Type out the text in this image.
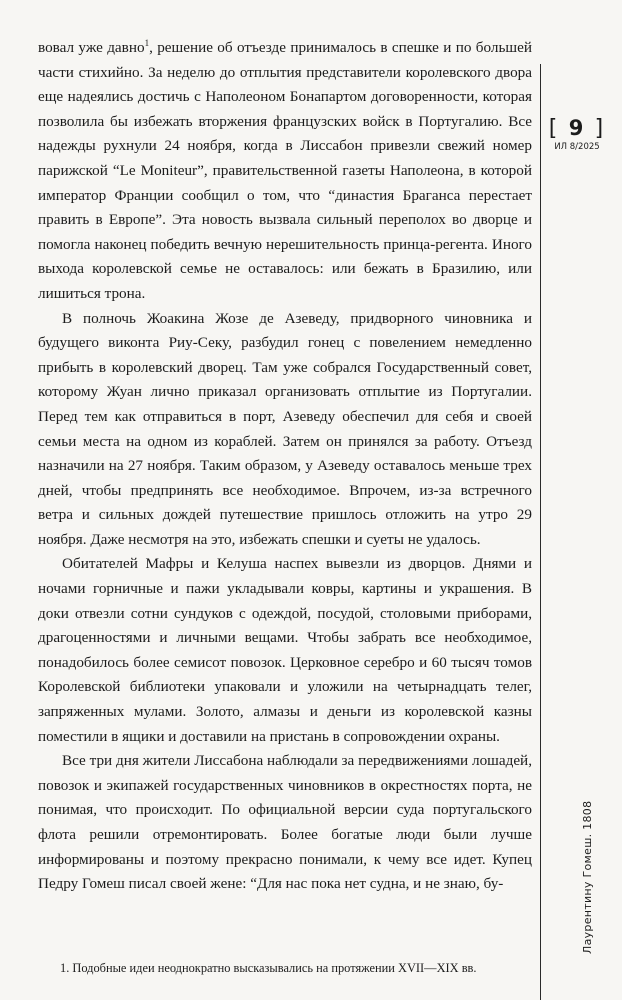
вовал уже давно$^1$, решение об отъезде принималось в спешке и по большей части стихийно. За неделю до отплытия представители королевского двора еще надеялись достичь с Наполеоном Бонапартом договоренности, которая позволила бы избежать вторжения французских войск в Португалию. Все надежды рухнули 24 ноября, когда в Лиссабон привезли свежий номер парижской “Le Moniteur”, правительственной газеты Наполеона, в которой император Франции сообщил о том, что “династия Браганса перестает править в Европе”. Эта новость вызвала сильный переполох во дворце и помогла наконец победить вечную нерешительность принца-регента. Иного выхода королевской семье не оставалось: или бежать в Бразилию, или лишиться трона.

В полночь Жоакина Жозе де Азеведу, придворного чиновника и будущего виконта Риу-Секу, разбудил гонец с повелением немедленно прибыть в королевский дворец. Там уже собрался Государственный совет, которому Жуан лично приказал организовать отплытие из Португалии. Перед тем как отправиться в порт, Азеведу обеспечил для себя и своей семьи места на одном из кораблей. Затем он принялся за работу. Отъезд назначили на 27 ноября. Таким образом, у Азеведу оставалось меньше трех дней, чтобы предпринять все необходимое. Впрочем, из-за встречного ветра и сильных дождей путешествие пришлось отложить на утро 29 ноября. Даже несмотря на это, избежать спешки и суеты не удалось.

Обитателей Мафры и Келуша наспех вывезли из дворцов. Днями и ночами горничные и пажи укладывали ковры, картины и украшения. В доки отвезли сотни сундуков с одеждой, посудой, столовыми приборами, драгоценностями и личными вещами. Чтобы забрать все необходимое, понадобилось более семисот повозок. Церковное серебро и 60 тысяч томов Королевской библиотеки упаковали и уложили на четырнадцать телег, запряженных мулами. Золото, алмазы и деньги из королевской казны поместили в ящики и доставили на пристань в сопровождении охраны.

Все три дня жители Лиссабона наблюдали за передвижениями лошадей, повозок и экипажей государственных чиновников в окрестностях порта, не понимая, что происходит. По официальной версии суда португальского флота решили отремонтировать. Более богатые люди были лучше информированы и поэтому прекрасно понимали, к чему все идет. Купец Педру Гомеш писал своей жене: “Для нас пока нет судна, и не знаю, бу-

[ 9 ]
ИЛ 8/2025
Лаурентину Гомеш. 1808
1. Подобные идеи неоднократно высказывались на протяжении XVII—XIX вв.
